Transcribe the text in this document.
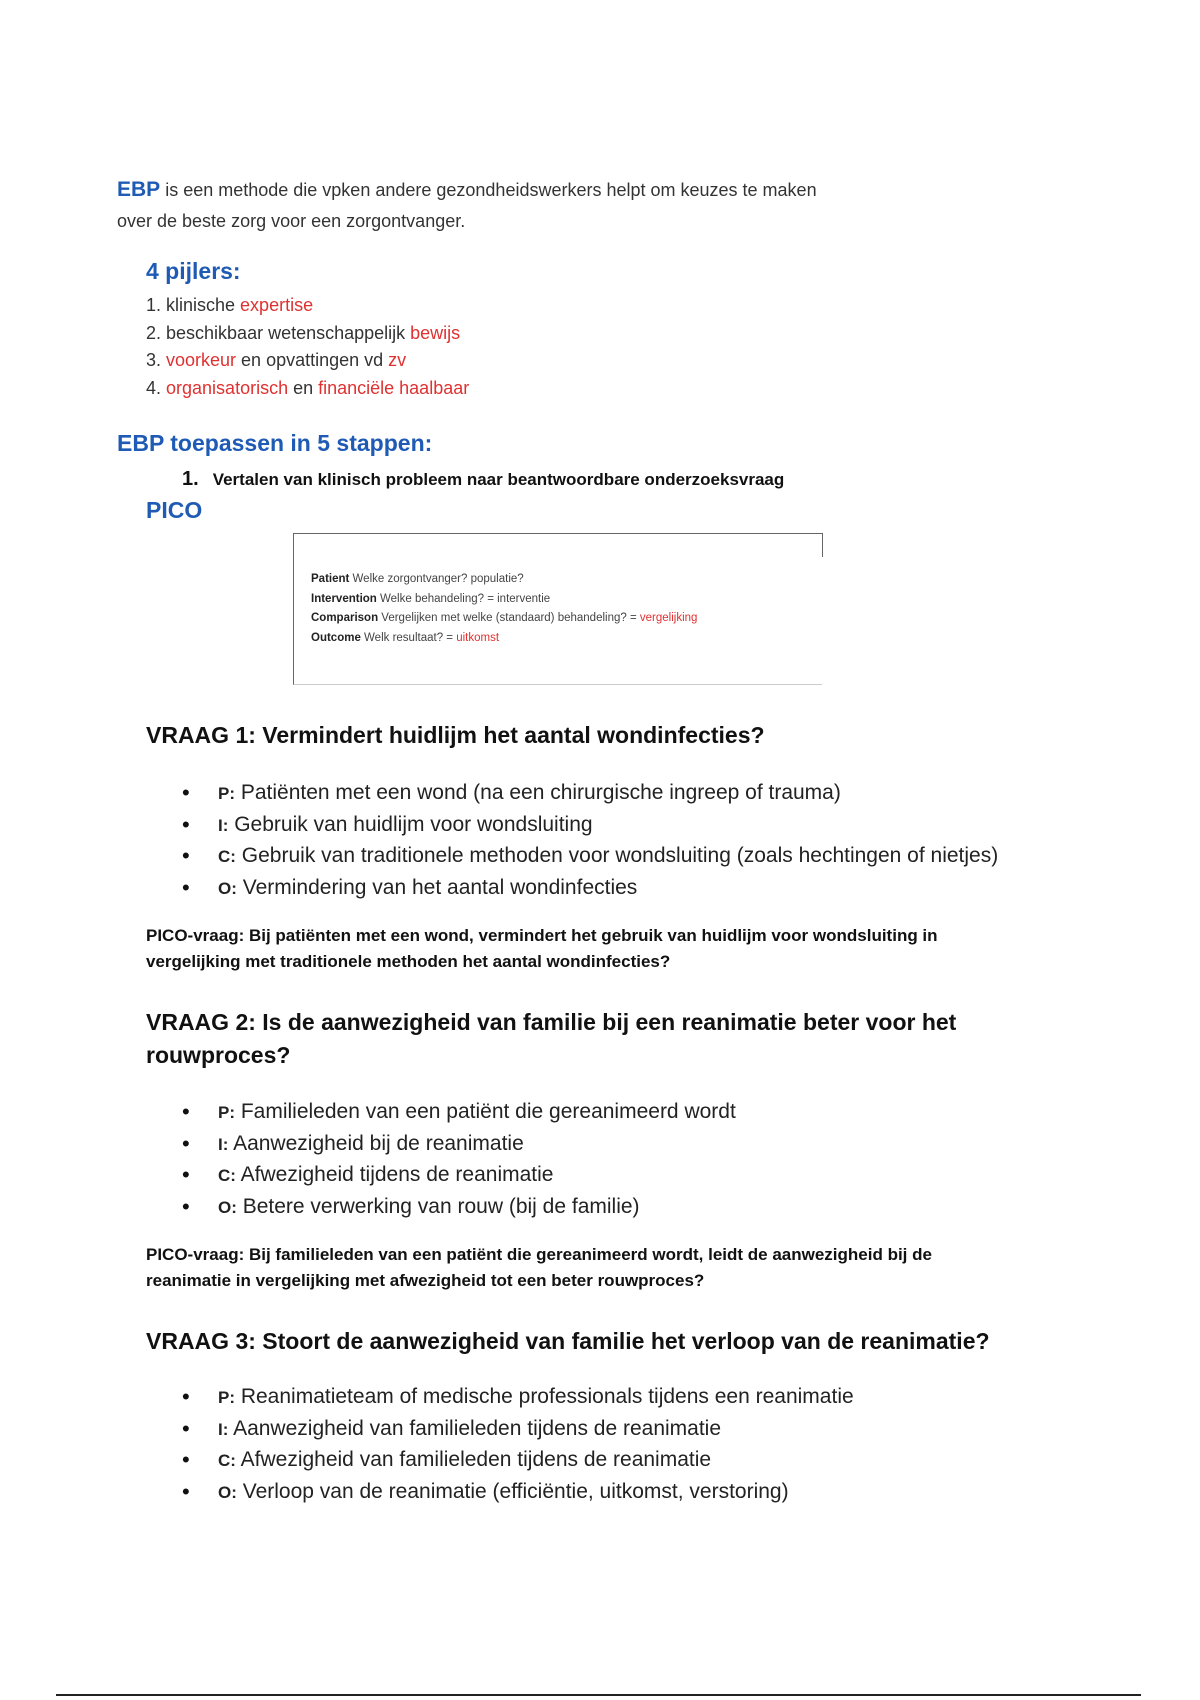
EBP is een methode die vpken andere gezondheidswerkers helpt om keuzes te maken
over de beste zorg voor een zorgontvanger.
4 pijlers:
1. klinische expertise
2. beschikbaar wetenschappelijk bewijs
3. voorkeur en opvattingen vd zv
4. organisatorisch en financiële haalbaar
EBP toepassen in 5 stappen:
1. Vertalen van klinisch probleem naar beantwoordbare onderzoeksvraag
PICO
Patient Welke zorgontvanger? populatie?
Intervention Welke behandeling? = interventie
Comparison Vergelijken met welke (standaard) behandeling? = vergelijking
Outcome Welk resultaat? = uitkomst
VRAAG 1: Vermindert huidlijm het aantal wondinfecties?
• P: Patiënten met een wond (na een chirurgische ingreep of trauma)
• I: Gebruik van huidlijm voor wondsluiting
• C: Gebruik van traditionele methoden voor wondsluiting (zoals hechtingen of nietjes)
• O: Vermindering van het aantal wondinfecties
PICO-vraag: Bij patiënten met een wond, vermindert het gebruik van huidlijm voor wondsluiting in vergelijking met traditionele methoden het aantal wondinfecties?
VRAAG 2: Is de aanwezigheid van familie bij een reanimatie beter voor het rouwproces?
• P: Familieleden van een patiënt die gereanimeerd wordt
• I: Aanwezigheid bij de reanimatie
• C: Afwezigheid tijdens de reanimatie
• O: Betere verwerking van rouw (bij de familie)
PICO-vraag: Bij familieleden van een patiënt die gereanimeerd wordt, leidt de aanwezigheid bij de reanimatie in vergelijking met afwezigheid tot een beter rouwproces?
VRAAG 3: Stoort de aanwezigheid van familie het verloop van de reanimatie?
• P: Reanimatieteam of medische professionals tijdens een reanimatie
• I: Aanwezigheid van familieleden tijdens de reanimatie
• C: Afwezigheid van familieleden tijdens de reanimatie
• O: Verloop van de reanimatie (efficiëntie, uitkomst, verstoring)
